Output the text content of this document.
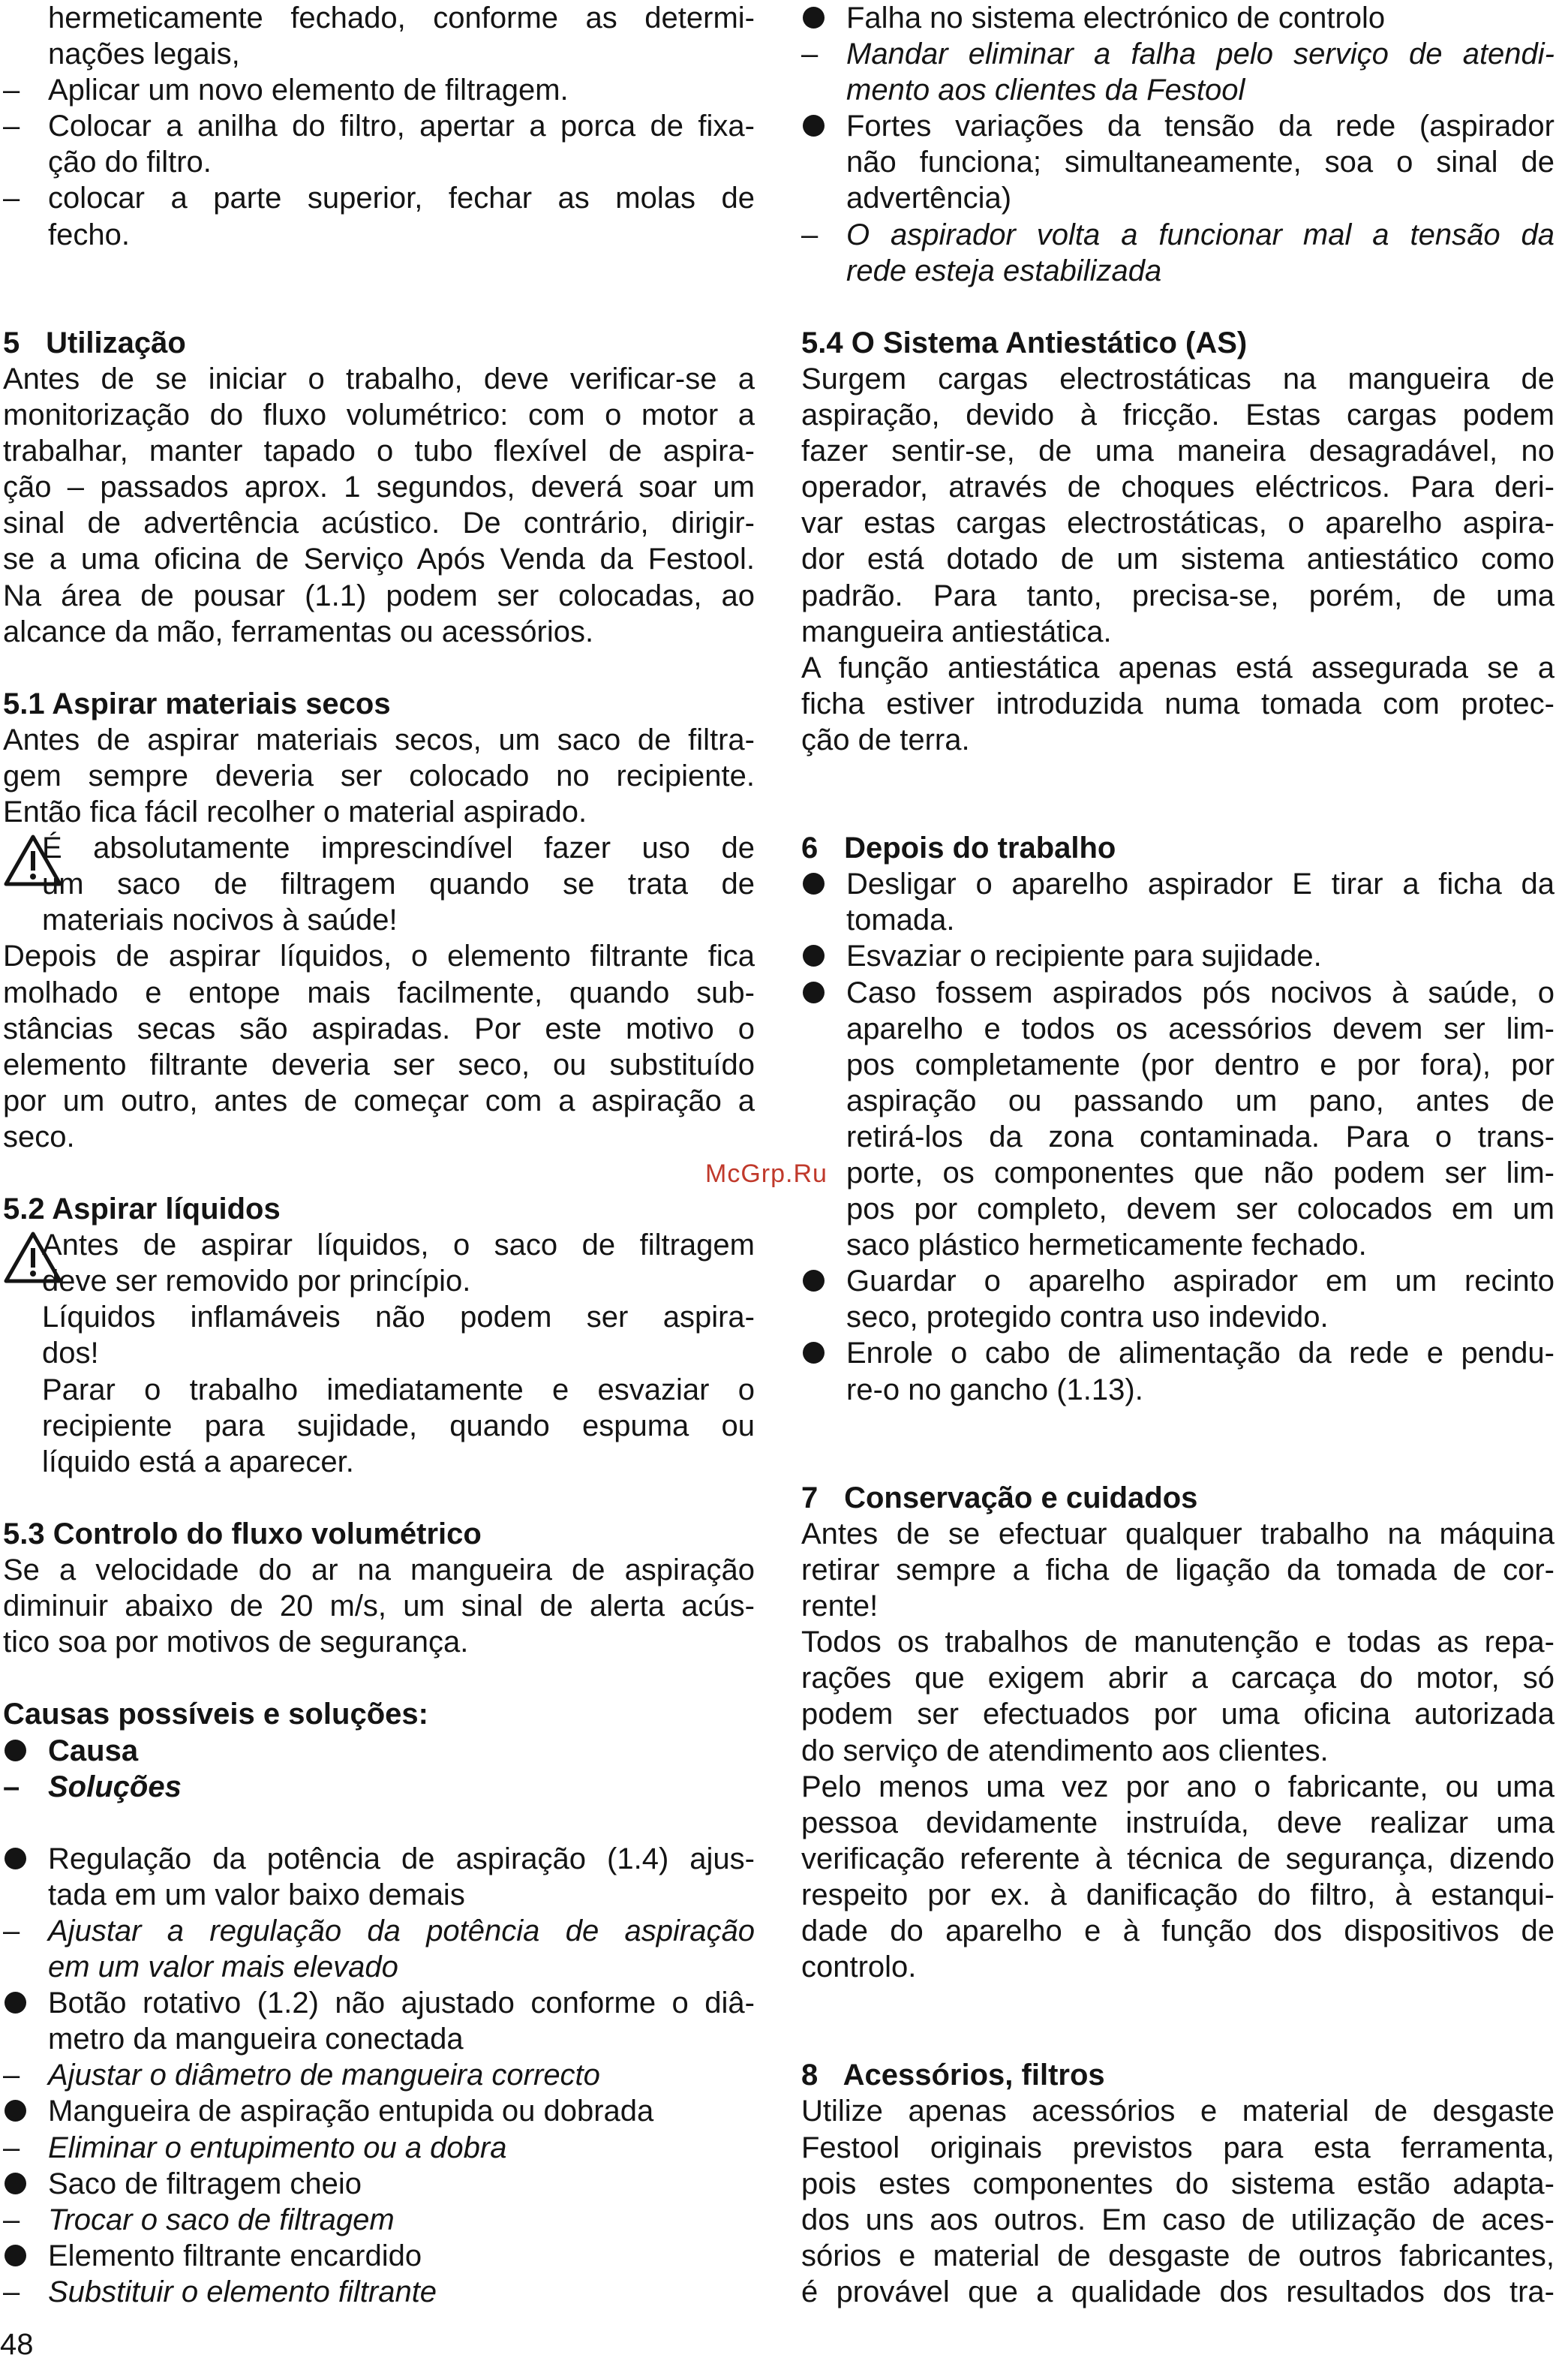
hermeticamente fechado, conforme as determi-
nações legais,
– Aplicar um novo elemento de filtragem.
– Colocar a anilha do filtro, apertar a porca de fixa-
ção do filtro.
– colocar a parte superior, fechar as molas de
fecho.
5 Utilização
Antes de se iniciar o trabalho, deve verificar-se a
monitorização do fluxo volumétrico: com o motor a
trabalhar, manter tapado o tubo flexível de aspira-
ção – passados aprox. 1 segundos, deverá soar um
sinal de advertência acústico. De contrário, dirigir-
se a uma oficina de Serviço Após Venda da Festool.
Na área de pousar (1.1) podem ser colocadas, ao
alcance da mão, ferramentas ou acessórios.
5.1 Aspirar materiais secos
Antes de aspirar materiais secos, um saco de filtra-
gem sempre deveria ser colocado no recipiente.
Então fica fácil recolher o material aspirado.
É absolutamente imprescindível fazer uso de
um saco de filtragem quando se trata de
materiais nocivos à saúde!
Depois de aspirar líquidos, o elemento filtrante fica
molhado e entope mais facilmente, quando sub-
stâncias secas são aspiradas. Por este motivo o
elemento filtrante deveria ser seco, ou substituído
por um outro, antes de começar com a aspiração a
seco.
5.2 Aspirar líquidos
Antes de aspirar líquidos, o saco de filtragem
deve ser removido por princípio.
Líquidos inflamáveis não podem ser aspira-
dos!
Parar o trabalho imediatamente e esvaziar o
recipiente para sujidade, quando espuma ou
líquido está a aparecer.
5.3 Controlo do fluxo volumétrico
Se a velocidade do ar na mangueira de aspiração
diminuir abaixo de 20 m/s, um sinal de alerta acús-
tico soa por motivos de segurança.
Causas possíveis e soluções:
Causa
– Soluções
Regulação da potência de aspiração (1.4) ajus-
tada em um valor baixo demais
– Ajustar a regulação da potência de aspiração
em um valor mais elevado
Botão rotativo (1.2) não ajustado conforme o diâ-
metro da mangueira conectada
– Ajustar o diâmetro de mangueira correcto
Mangueira de aspiração entupida ou dobrada
– Eliminar o entupimento ou a dobra
Saco de filtragem cheio
– Trocar o saco de filtragem
Elemento filtrante encardido
– Substituir o elemento filtrante
Falha no sistema electrónico de controlo
– Mandar eliminar a falha pelo serviço de atendi-
mento aos clientes da Festool
Fortes variações da tensão da rede (aspirador
não funciona; simultaneamente, soa o sinal de
advertência)
– O aspirador volta a funcionar mal a tensão da
rede esteja estabilizada
5.4 O Sistema Antiestático (AS)
Surgem cargas electrostáticas na mangueira de
aspiração, devido à fricção. Estas cargas podem
fazer sentir-se, de uma maneira desagradável, no
operador, através de choques eléctricos. Para deri-
var estas cargas electrostáticas, o aparelho aspira-
dor está dotado de um sistema antiestático como
padrão. Para tanto, precisa-se, porém, de uma
mangueira antiestática.
A função antiestática apenas está assegurada se a
ficha estiver introduzida numa tomada com protec-
ção de terra.
6 Depois do trabalho
Desligar o aparelho aspirador E tirar a ficha da
tomada.
Esvaziar o recipiente para sujidade.
Caso fossem aspirados pós nocivos à saúde, o
aparelho e todos os acessórios devem ser lim-
pos completamente (por dentro e por fora), por
aspiração ou passando um pano, antes de
retirá-los da zona contaminada. Para o trans-
porte, os componentes que não podem ser lim-
pos por completo, devem ser colocados em um
saco plástico hermeticamente fechado.
Guardar o aparelho aspirador em um recinto
seco, protegido contra uso indevido.
Enrole o cabo de alimentação da rede e pendu-
re-o no gancho (1.13).
7 Conservação e cuidados
Antes de se efectuar qualquer trabalho na máquina
retirar sempre a ficha de ligação da tomada de cor-
rente!
Todos os trabalhos de manutenção e todas as repa-
rações que exigem abrir a carcaça do motor, só
podem ser efectuados por uma oficina autorizada
do serviço de atendimento aos clientes.
Pelo menos uma vez por ano o fabricante, ou uma
pessoa devidamente instruída, deve realizar uma
verificação referente à técnica de segurança, dizendo
respeito por ex. à danificação do filtro, à estanqui-
dade do aparelho e à função dos dispositivos de
controlo.
8 Acessórios, filtros
Utilize apenas acessórios e material de desgaste
Festool originais previstos para esta ferramenta,
pois estes componentes do sistema estão adapta-
dos uns aos outros. Em caso de utilização de aces-
sórios e material de desgaste de outros fabricantes,
é provável que a qualidade dos resultados dos tra-
48
McGrp.Ru
